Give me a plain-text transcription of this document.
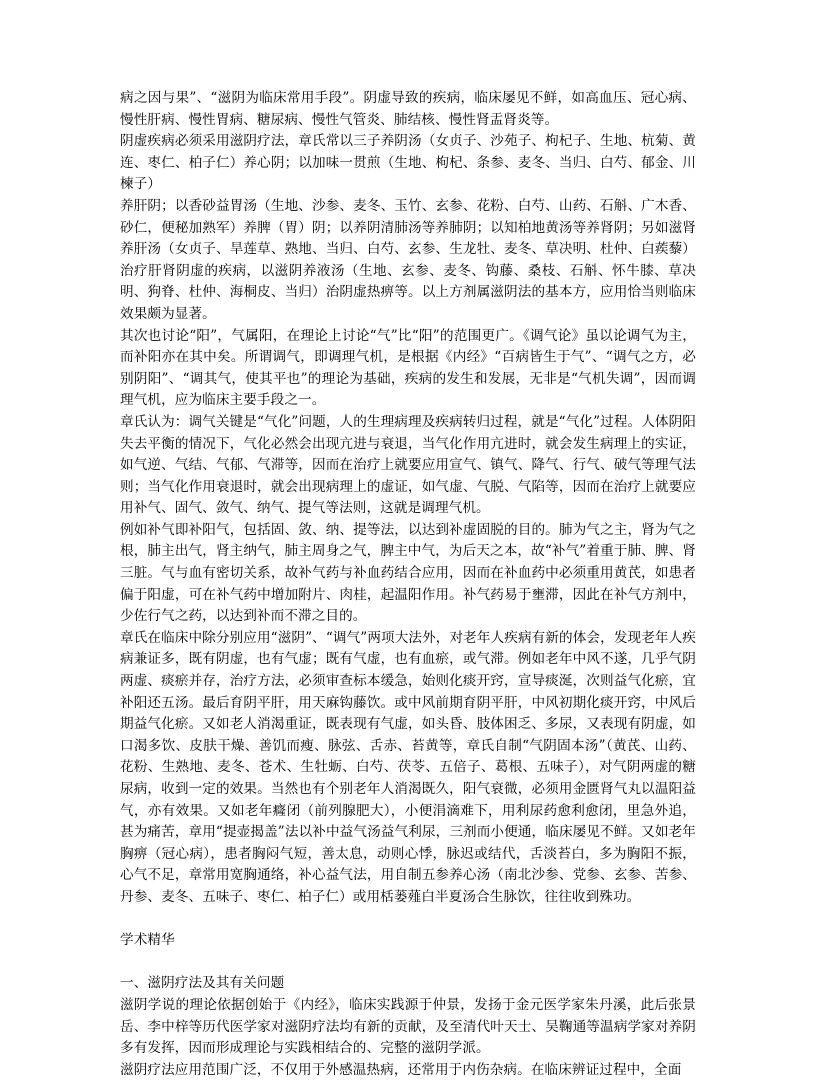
病之因与果”、“滋阴为临床常用手段”。阴虚导致的疾病，临床屡见不鲜，如高血压、冠心病、慢性肝病、慢性胃病、糖尿病、慢性气管炎、肺结核、慢性肾盂肾炎等。

阴虚疾病必须采用滋阴疗法，章氏常以三子养阴汤（女贞子、沙苑子、枸杞子、生地、杭菊、黄连、枣仁、柏子仁）养心阴；以加味一贯煎（生地、枸杞、条参、麦冬、当归、白芍、郁金、川楝子）

养肝阴；以香砂益胃汤（生地、沙参、麦冬、玉竹、玄参、花粉、白芍、山药、石斛、广木香、砂仁，便秘加熟军）养脾（胃）阴；以养阴清肺汤等养肺阴；以知柏地黄汤等养肾阴；另如滋肾养肝汤（女贞子、旱莲草、熟地、当归、白芍、玄参、生龙牡、麦冬、草决明、杜仲、白蒺藜）治疗肝肾阴虚的疾病，以滋阴养液汤（生地、玄参、麦冬、钩藤、桑枝、石斛、怀牛膝、草决明、狗脊、杜仲、海桐皮、当归）治阴虚热痹等。以上方剂属滋阴法的基本方，应用恰当则临床效果颇为显著。

其次也讨论“阳”，气属阳，在理论上讨论“气”比“阳”的范围更广。《调气论》虽以论调气为主，而补阳亦在其中矣。所谓调气，即调理气机，是根据《内经》“百病皆生于气”、“调气之方，必别阴阳”、“调其气，使其平也”的理论为基础，疾病的发生和发展，无非是“气机失调”，因而调理气机，应为临床主要手段之一。

章氏认为：调气关键是“气化”问题，人的生理病理及疾病转归过程，就是“气化”过程。人体阴阳失去平衡的情况下，气化必然会出现亢进与衰退，当气化作用亢进时，就会发生病理上的实证，如气逆、气结、气郁、气滞等，因而在治疗上就要应用宣气、镇气、降气、行气、破气等理气法则；当气化作用衰退时，就会出现病理上的虚证，如气虚、气脱、气陷等，因而在治疗上就要应用补气、固气、敛气、纳气、提气等法则，这就是调理气机。

例如补气即补阳气，包括固、敛、纳、提等法，以达到补虚固脱的目的。肺为气之主，肾为气之根，肺主出气，肾主纳气，肺主周身之气，脾主中气，为后天之本，故“补气”着重于肺、脾、肾三脏。气与血有密切关系，故补气药与补血药结合应用，因而在补血药中必须重用黄芪，如患者偏于阳虚，可在补气药中增加附片、肉桂，起温阳作用。补气药易于壅滞，因此在补气方剂中，少佐行气之药，以达到补而不滞之目的。

章氏在临床中除分别应用“滋阴”、“调气”两项大法外，对老年人疾病有新的体会，发现老年人疾病兼证多，既有阴虚，也有气虚；既有气虚，也有血瘀，或气滞。例如老年中风不遂，几乎气阴两虚、痰瘀并存，治疗方法，必须审查标本缓急，始则化痰开窍，宣导痰涎，次则益气化瘀，宜补阳还五汤。最后育阴平肝，用天麻钩藤饮。或中风前期育阴平肝，中风初期化痰开窍，中风后期益气化瘀。又如老人消渴重证，既表现有气虚，如头昏、肢体困乏、多尿，又表现有阴虚，如口渴多饮、皮肤干燥、善饥而瘦、脉弦、舌赤、苔黄等，章氏自制“气阴固本汤”（黄芪、山药、花粉、生熟地、麦冬、苍术、生牡蛎、白芍、茯苓、五倍子、葛根、五味子），对气阴两虚的糖尿病，收到一定的效果。当然也有个别老年人消渴既久，阳气衰微，必须用金匮肾气丸以温阳益气，亦有效果。又如老年癃闭（前列腺肥大），小便涓滴难下，用利尿药愈利愈闭，里急外追，甚为痛苦，章用“提壶揭盖”法以补中益气汤益气利尿，三剂而小便通，临床屡见不鲜。又如老年胸痹（冠心病），患者胸闷气短，善太息，动则心悸，脉迟或结代，舌淡苔白，多为胸阳不振，心气不足，章常用宽胸通络，补心益气法，用自制五参养心汤（南北沙参、党参、玄参、苦参、丹参、麦冬、五味子、枣仁、柏子仁）或用栝蒌薤白半夏汤合生脉饮，往往收到殊功。

学术精华

一、滋阴疗法及其有关问题

滋阴学说的理论依据创始于《内经》，临床实践源于仲景，发扬于金元医学家朱丹溪，此后张景岳、李中梓等历代医学家对滋阴疗法均有新的贡献，及至清代叶天士、吴鞠通等温病学家对养阴多有发挥，因而形成理论与实践相结合的、完整的滋阴学派。

滋阴疗法应用范围广泛，不仅用于外感温热病，还常用于内伤杂病。在临床辨证过程中，全面
